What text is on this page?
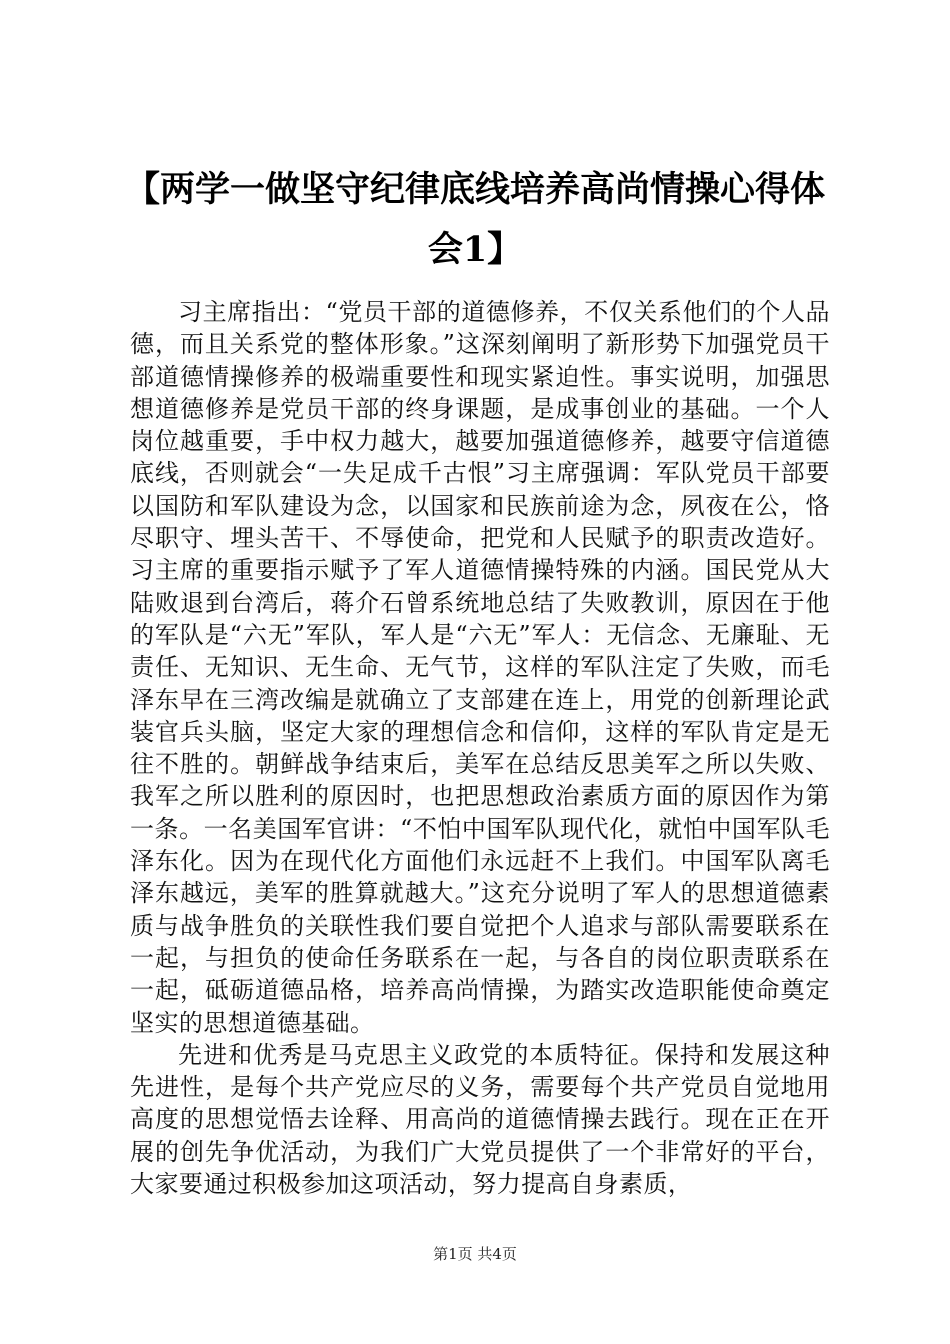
【两学一做坚守纪律底线培养高尚情操心得体会1】

习主席指出：“党员干部的道德修养，不仅关系他们的个人品德，而且关系党的整体形象。”这深刻阐明了新形势下加强党员干部道德情操修养的极端重要性和现实紧迫性。事实说明，加强思想道德修养是党员干部的终身课题，是成事创业的基础。一个人岗位越重要，手中权力越大，越要加强道德修养，越要守信道德底线，否则就会“一失足成千古恨”习主席强调：军队党员干部要以国防和军队建设为念，以国家和民族前途为念，夙夜在公，恪尽职守、埋头苦干、不辱使命，把党和人民赋予的职责改造好。习主席的重要指示赋予了军人道德情操特殊的内涵。国民党从大陆败退到台湾后，蒋介石曾系统地总结了失败教训，原因在于他的军队是“六无”军队，军人是“六无”军人：无信念、无廉耻、无责任、无知识、无生命、无气节，这样的军队注定了失败，而毛泽东早在三湾改编是就确立了支部建在连上，用党的创新理论武装官兵头脑，坚定大家的理想信念和信仰，这样的军队肯定是无往不胜的。朝鲜战争结束后，美军在总结反思美军之所以失败、我军之所以胜利的原因时，也把思想政治素质方面的原因作为第一条。一名美国军官讲：“不怕中国军队现代化，就怕中国军队毛泽东化。因为在现代化方面他们永远赶不上我们。中国军队离毛泽东越远，美军的胜算就越大。”这充分说明了军人的思想道德素质与战争胜负的关联性我们要自觉把个人追求与部队需要联系在一起，与担负的使命任务联系在一起，与各自的岗位职责联系在一起，砥砺道德品格，培养高尚情操，为踏实改造职能使命奠定坚实的思想道德基础。

先进和优秀是马克思主义政党的本质特征。保持和发展这种先进性，是每个共产党应尽的义务，需要每个共产党员自觉地用高度的思想觉悟去诠释、用高尚的道德情操去践行。现在正在开展的创先争优活动，为我们广大党员提供了一个非常好的平台，大家要通过积极参加这项活动，努力提高自身素质，

第1页 共4页
